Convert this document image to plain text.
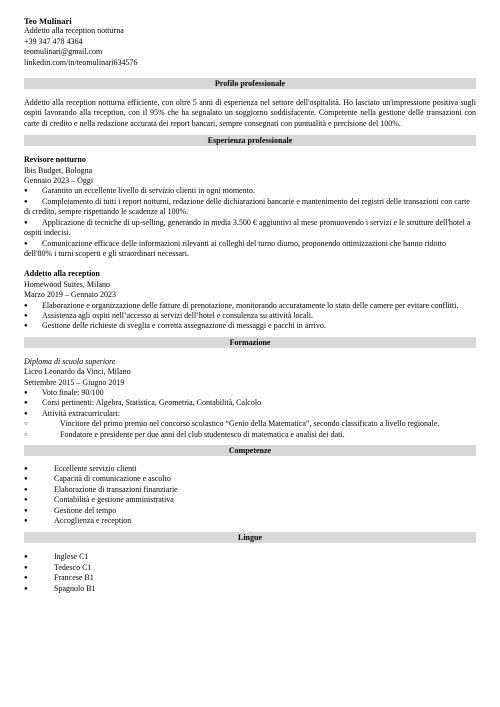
Teo Mulinari
Addetto alla reception notturna
+39 347 478 4364
teomulinari@gmail.com
linkedin.com/in/teomulinari634576
Profilo professionale
Addetto alla reception notturna efficiente, con oltre 5 anni di esperienza nel settore dell'ospitalità. Ho lasciato un'impressione positiva sugli ospiti lavorando alla reception, con il 95% che ha segnalato un soggiorno soddisfacente. Competente nella gestione delle transazioni con carte di credito e nella redazione accurata dei report bancari, sempre consegnati con puntualità e precisione del 100%.
Esperienza professionale
Revisore notturno
Ibis Budget, Bologna
Gennaio 2023 – Oggi
● Garantito un eccellente livello di servizio clienti in ogni momento.
● Completamento di tutti i report notturni, redazione delle dichiarazioni bancarie e mantenimento dei registri delle transazioni con carte di credito, sempre rispettando le scadenze al 100%.
● Applicazione di tecniche di up-selling, generando in media 3.500 € aggiuntivi al mese promuovendo i servizi e le strutture dell'hotel a ospiti indecisi.
● Comunicazione efficace delle informazioni rilevanti ai colleghi del turno diurno, proponendo ottimizzazioni che hanno ridotto dell'80% i turni scoperti e gli straordinari necessari.
Addetto alla reception
Homewood Suites, Milano
Marzo 2019 – Gennaio 2023
● Elaborazione e organizzazione delle fatture di prenotazione, monitorando accuratamente lo stato delle camere per evitare conflitti.
● Assistenza agli ospiti nell’accesso ai servizi dell’hotel e consulenza su attività locali.
● Gestione delle richieste di sveglia e corretta assegnazione di messaggi e pacchi in arrivo.
Formazione
Diploma di scuola superiore
Liceo Leonardo da Vinci, Milano
Settembre 2015 – Giugno 2019
● Voto finale: 90/100
● Corsi pertinenti: Algebra, Statistica, Geometria, Contabilità, Calcolo
● Attività extracurriculari:
○	Vincitore del primo premio nel concorso scolastico “Genio della Matematica”, secondo classificato a livello regionale.
○	Fondatore e presidente per due anni del club studentesco di matematica e analisi dei dati.
Competenze
●	Eccellente servizio clienti
●	Capacità di comunicazione e ascolto
●	Elaborazione di transazioni finanziarie
●	Contabilità e gestione amministrativa
●	Gestione del tempo
●	Accoglienza e reception
Lingue
●	Inglese C1
●	Tedesco C1
●	Francese B1
●	Spagnolo B1
